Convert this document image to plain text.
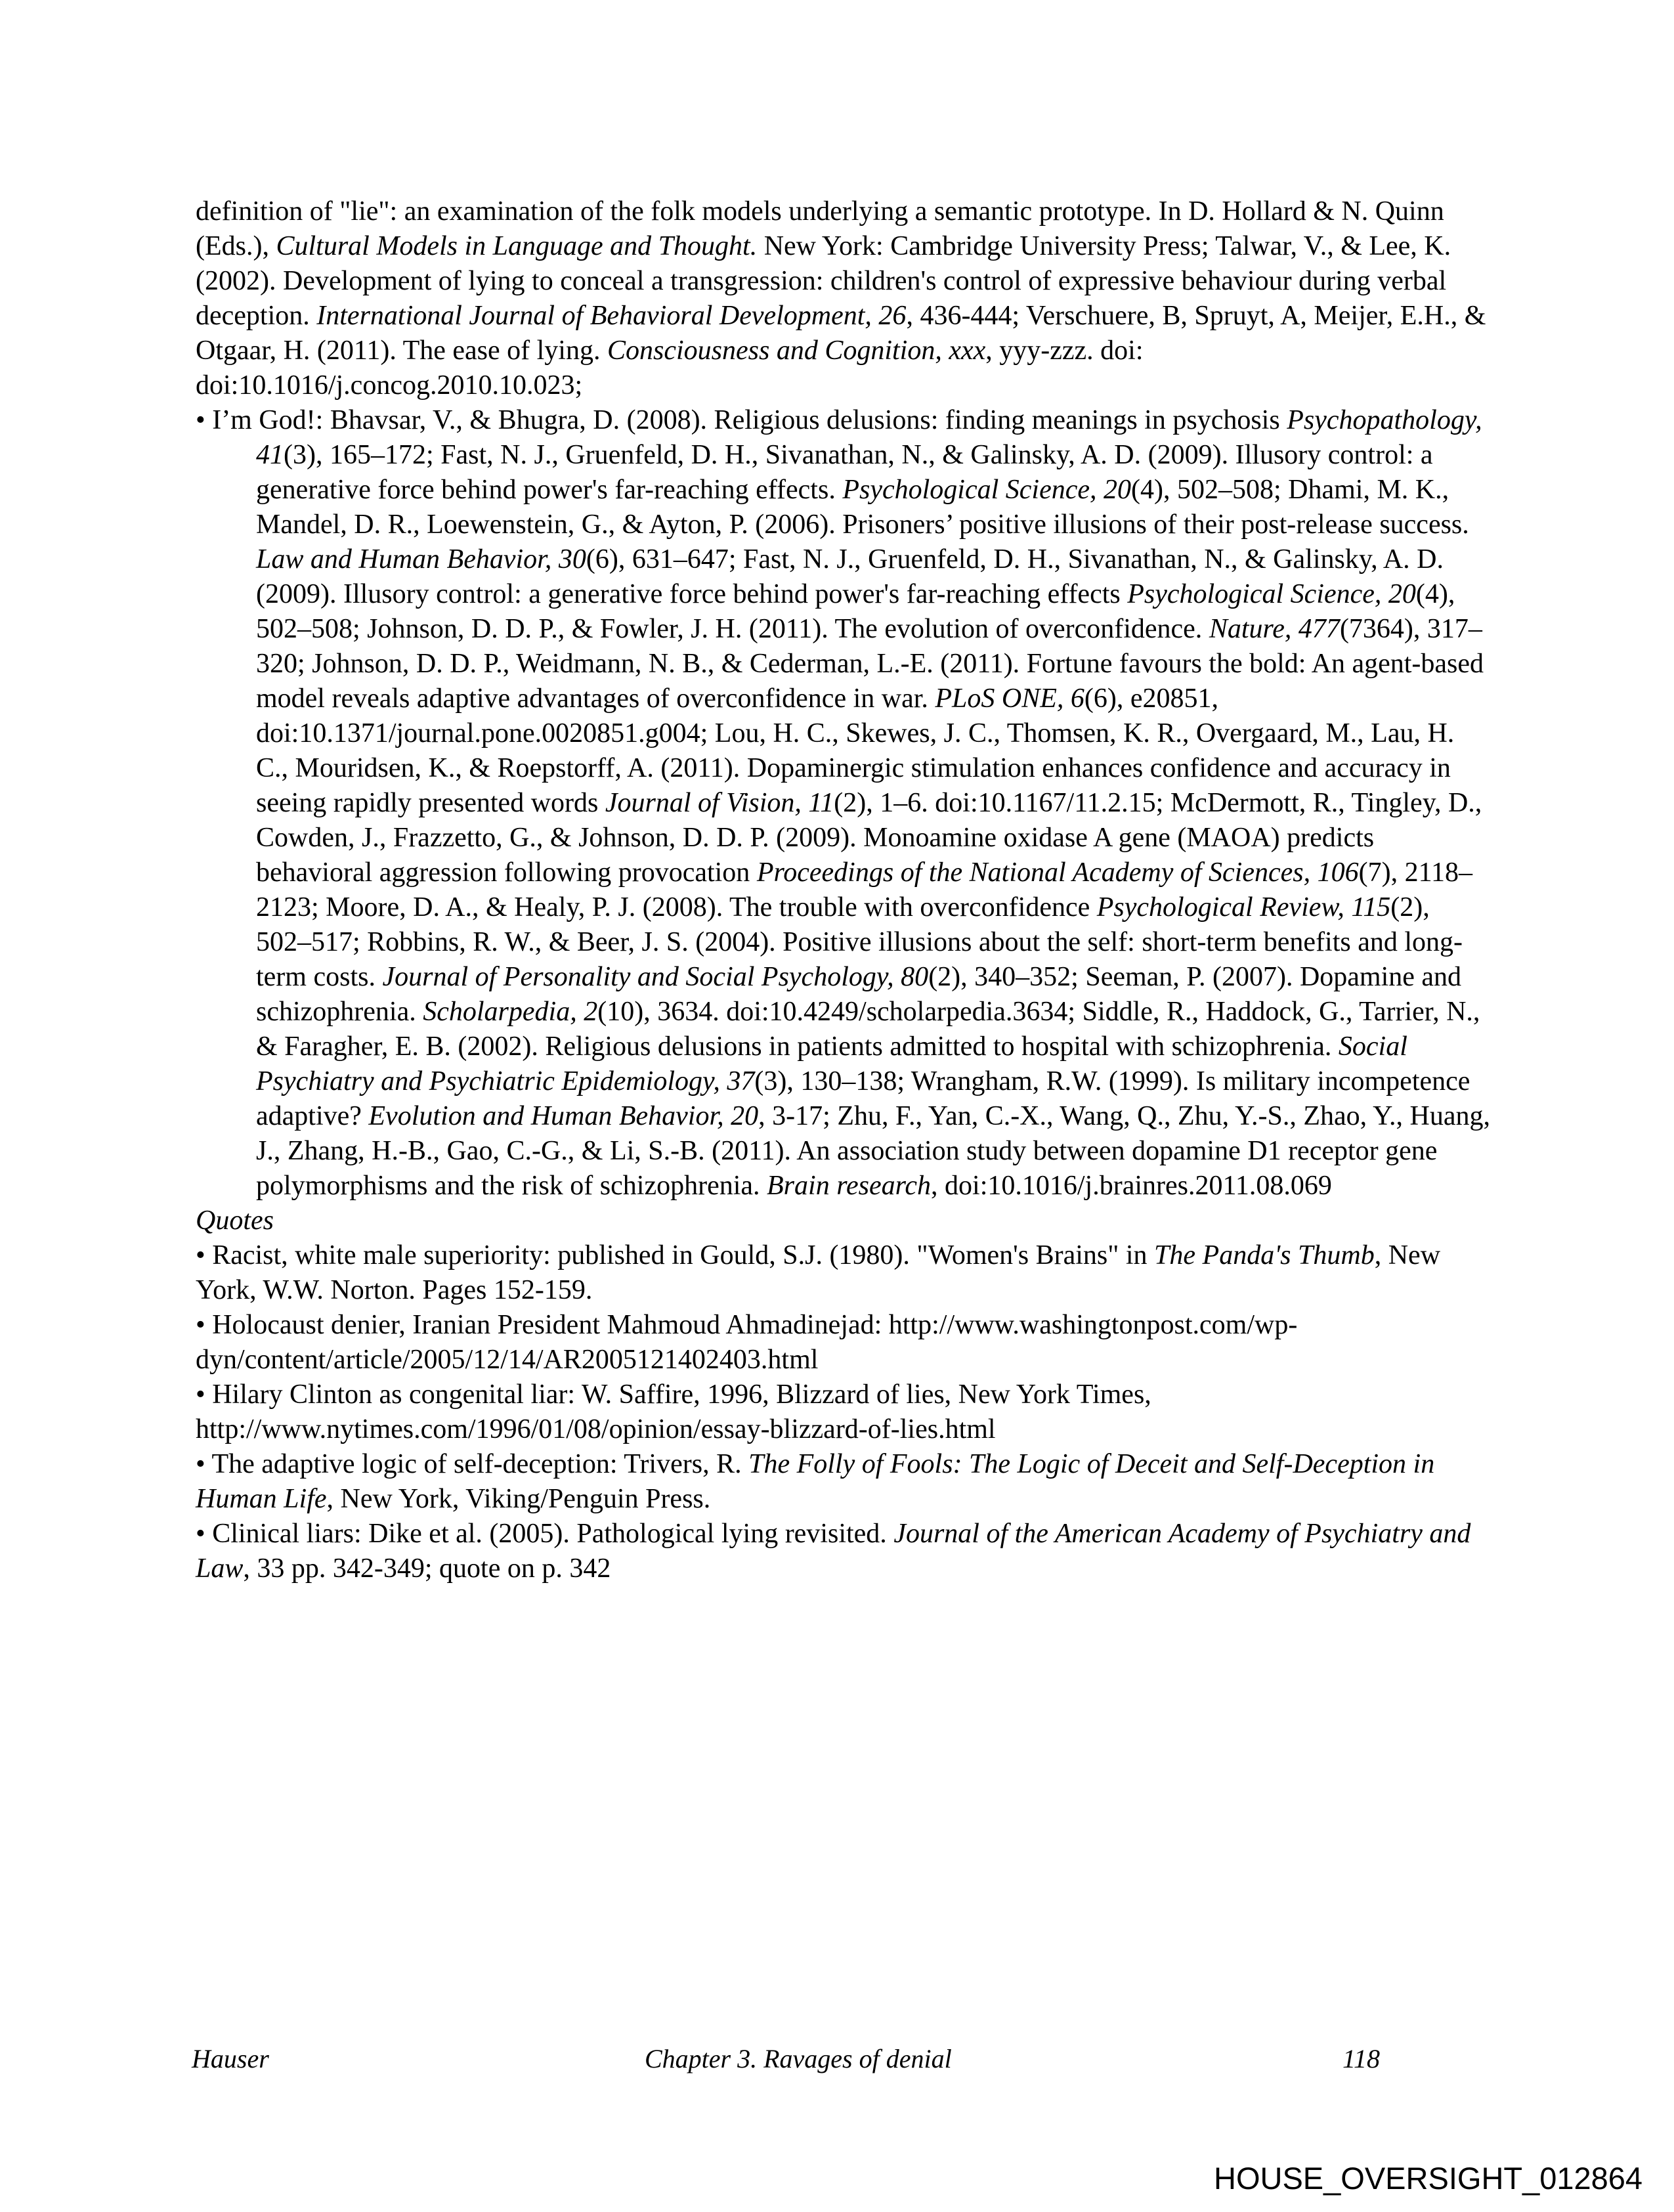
definition of "lie": an examination of the folk models underlying a semantic prototype. In D. Hollard & N. Quinn (Eds.), Cultural Models in Language and Thought. New York: Cambridge University Press; Talwar, V., & Lee, K. (2002). Development of lying to conceal a transgression: children's control of expressive behaviour during verbal deception. International Journal of Behavioral Development, 26, 436-444; Verschuere, B, Spruyt, A, Meijer, E.H., & Otgaar, H. (2011). The ease of lying. Consciousness and Cognition, xxx, yyy-zzz. doi: doi:10.1016/j.concog.2010.10.023;

• I’m God!: Bhavsar, V., & Bhugra, D. (2008). Religious delusions: finding meanings in psychosis Psychopathology, 41(3), 165–172; Fast, N. J., Gruenfeld, D. H., Sivanathan, N., & Galinsky, A. D. (2009). Illusory control: a generative force behind power's far-reaching effects. Psychological Science, 20(4), 502–508; Dhami, M. K., Mandel, D. R., Loewenstein, G., & Ayton, P. (2006). Prisoners’ positive illusions of their post-release success. Law and Human Behavior, 30(6), 631–647; Fast, N. J., Gruenfeld, D. H., Sivanathan, N., & Galinsky, A. D. (2009). Illusory control: a generative force behind power's far-reaching effects Psychological Science, 20(4), 502–508; Johnson, D. D. P., & Fowler, J. H. (2011). The evolution of overconfidence. Nature, 477(7364), 317–320; Johnson, D. D. P., Weidmann, N. B., & Cederman, L.-E. (2011). Fortune favours the bold: An agent-based model reveals adaptive advantages of overconfidence in war. PLoS ONE, 6(6), e20851, doi:10.1371/journal.pone.0020851.g004; Lou, H. C., Skewes, J. C., Thomsen, K. R., Overgaard, M., Lau, H. C., Mouridsen, K., & Roepstorff, A. (2011). Dopaminergic stimulation enhances confidence and accuracy in seeing rapidly presented words Journal of Vision, 11(2), 1–6. doi:10.1167/11.2.15; McDermott, R., Tingley, D., Cowden, J., Frazzetto, G., & Johnson, D. D. P. (2009). Monoamine oxidase A gene (MAOA) predicts behavioral aggression following provocation Proceedings of the National Academy of Sciences, 106(7), 2118–2123; Moore, D. A., & Healy, P. J. (2008). The trouble with overconfidence Psychological Review, 115(2), 502–517; Robbins, R. W., & Beer, J. S. (2004). Positive illusions about the self: short-term benefits and long-term costs. Journal of Personality and Social Psychology, 80(2), 340–352; Seeman, P. (2007). Dopamine and schizophrenia. Scholarpedia, 2(10), 3634. doi:10.4249/scholarpedia.3634; Siddle, R., Haddock, G., Tarrier, N., & Faragher, E. B. (2002). Religious delusions in patients admitted to hospital with schizophrenia. Social Psychiatry and Psychiatric Epidemiology, 37(3), 130–138; Wrangham, R.W. (1999). Is military incompetence adaptive? Evolution and Human Behavior, 20, 3-17; Zhu, F., Yan, C.-X., Wang, Q., Zhu, Y.-S., Zhao, Y., Huang, J., Zhang, H.-B., Gao, C.-G., & Li, S.-B. (2011). An association study between dopamine D1 receptor gene polymorphisms and the risk of schizophrenia. Brain research, doi:10.1016/j.brainres.2011.08.069

Quotes

• Racist, white male superiority: published in Gould, S.J. (1980). "Women's Brains" in The Panda's Thumb, New York, W.W. Norton. Pages 152-159.

• Holocaust denier, Iranian President Mahmoud Ahmadinejad: http://www.washingtonpost.com/wp-dyn/content/article/2005/12/14/AR2005121402403.html

• Hilary Clinton as congenital liar: W. Saffire, 1996, Blizzard of lies, New York Times, http://www.nytimes.com/1996/01/08/opinion/essay-blizzard-of-lies.html

• The adaptive logic of self-deception: Trivers, R. The Folly of Fools: The Logic of Deceit and Self-Deception in Human Life, New York, Viking/Penguin Press.

• Clinical liars: Dike et al. (2005). Pathological lying revisited. Journal of the American Academy of Psychiatry and Law, 33 pp. 342-349; quote on p. 342

Hauser	Chapter 3. Ravages of denial	118
HOUSE_OVERSIGHT_012864
